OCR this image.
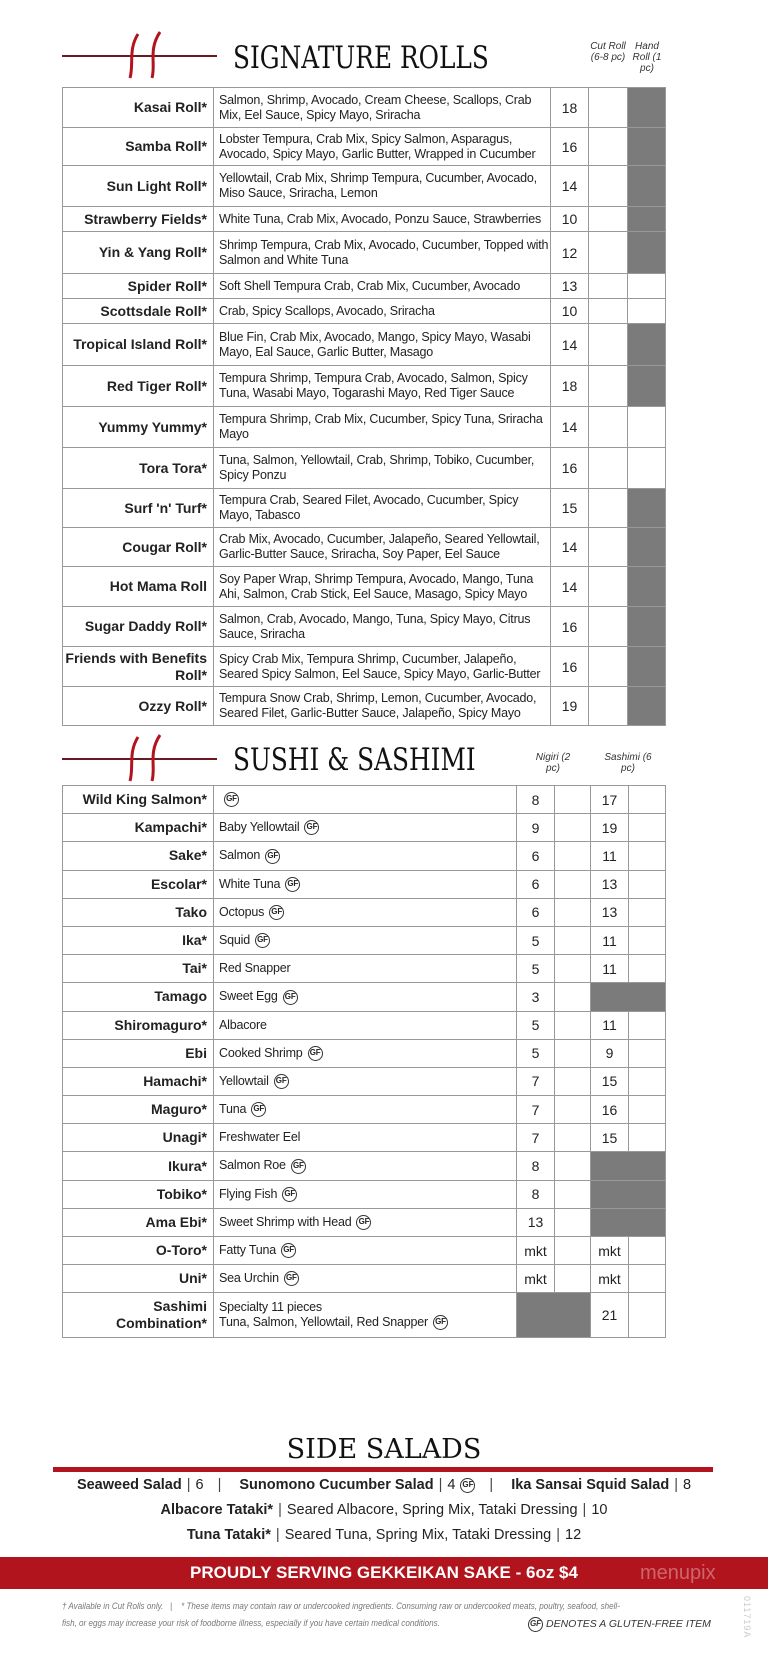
SIGNATURE ROLLS	Cut Roll (6-8 pc)
Hand Roll (1 pc)
Kasai Roll*	Salmon, Shrimp, Avocado, Cream Cheese, Scallops, Crab Mix, Eel Sauce, Spicy Mayo, Sriracha	18		
Samba Roll*	Lobster Tempura, Crab Mix, Spicy Salmon, Asparagus, Avocado, Spicy Mayo, Garlic Butter, Wrapped in Cucumber	16		
Sun Light Roll*	Yellowtail, Crab Mix, Shrimp Tempura, Cucumber, Avocado, Miso Sauce, Sriracha, Lemon	14		
Strawberry Fields*	White Tuna, Crab Mix, Avocado, Ponzu Sauce, Strawberries	10		
Yin & Yang Roll*	Shrimp Tempura, Crab Mix, Avocado, Cucumber, Topped with Salmon and White Tuna	12		
Spider Roll*	Soft Shell Tempura Crab, Crab Mix, Cucumber, Avocado	13		
Scottsdale Roll*	Crab, Spicy Scallops, Avocado, Sriracha	10		
Tropical Island Roll*	Blue Fin, Crab Mix, Avocado, Mango, Spicy Mayo, Wasabi Mayo, Eal Sauce, Garlic Butter, Masago	14		
Red Tiger Roll*	Tempura Shrimp, Tempura Crab, Avocado, Salmon, Spicy Tuna, Wasabi Mayo, Togarashi Mayo, Red Tiger Sauce	18		
Yummy Yummy*	Tempura Shrimp, Crab Mix, Cucumber, Spicy Tuna, Sriracha Mayo	14		
Tora Tora*	Tuna, Salmon, Yellowtail, Crab, Shrimp, Tobiko, Cucumber, Spicy Ponzu	16		
Surf 'n' Turf*	Tempura Crab, Seared Filet, Avocado, Cucumber, Spicy Mayo, Tabasco	15		
Cougar Roll*	Crab Mix, Avocado, Cucumber, Jalapeño, Seared Yellowtail, Garlic-Butter Sauce, Sriracha, Soy Paper, Eel Sauce	14		
Hot Mama Roll	Soy Paper Wrap, Shrimp Tempura, Avocado, Mango, Tuna Ahi, Salmon, Crab Stick, Eel Sauce, Masago, Spicy Mayo	14		
Sugar Daddy Roll*	Salmon, Crab, Avocado, Mango, Tuna, Spicy Mayo, Citrus Sauce, Sriracha	16		
Friends with Benefits Roll*	Spicy Crab Mix, Tempura Shrimp, Cucumber, Jalapeño, Seared Spicy Salmon, Eel Sauce, Spicy Mayo, Garlic-Butter	16		
Ozzy Roll*	Tempura Snow Crab, Shrimp, Lemon, Cucumber, Avocado, Seared Filet, Garlic-Butter Sauce, Jalapeño, Spicy Mayo	19		
SUSHI & SASHIMI	Nigiri (2 pc)
Sashimi (6 pc)
Wild King Salmon*	GF	8		17	
Kampachi*	Baby Yellowtail GF	9		19	
Sake*	Salmon GF	6		11	
Escolar*	White Tuna GF	6		13	
Tako	Octopus GF	6		13	
Ika*	Squid GF	5		11	
Tai*	Red Snapper	5		11	
Tamago	Sweet Egg GF	3			
Shiromaguro*	Albacore	5		11	
Ebi	Cooked Shrimp GF	5		9	
Hamachi*	Yellowtail GF	7		15	
Maguro*	Tuna GF	7		16	
Unagi*	Freshwater Eel	7		15	
Ikura*	Salmon Roe GF	8			
Tobiko*	Flying Fish GF	8			
Ama Ebi*	Sweet Shrimp with Head GF	13			
O-Toro*	Fatty Tuna GF	mkt		mkt	
Uni*	Sea Urchin GF	mkt		mkt	
Sashimi Combination*	Specialty 11 pieces
Tuna, Salmon, Yellowtail, Red Snapper GF			21	
SIDE SALADS
Seaweed Salad | 6 | Sunomono Cucumber Salad | 4 GF | Ika Sansai Squid Salad | 8
Albacore Tataki* | Seared Albacore, Spring Mix, Tataki Dressing | 10
Tuna Tataki* | Seared Tuna, Spring Mix, Tataki Dressing | 12
PROUDLY SERVING GEKKEIKAN SAKE - 6oz $4	menupix
† Available in Cut Rolls only.   |    * These items may contain raw or undercooked ingredients. Consuming raw or undercooked meats, poultry, seafood, shell-
fish, or eggs may increase your risk of foodborne illness, especially if you have certain medical conditions.	GF DENOTES A GLUTEN-FREE ITEM	011719A
